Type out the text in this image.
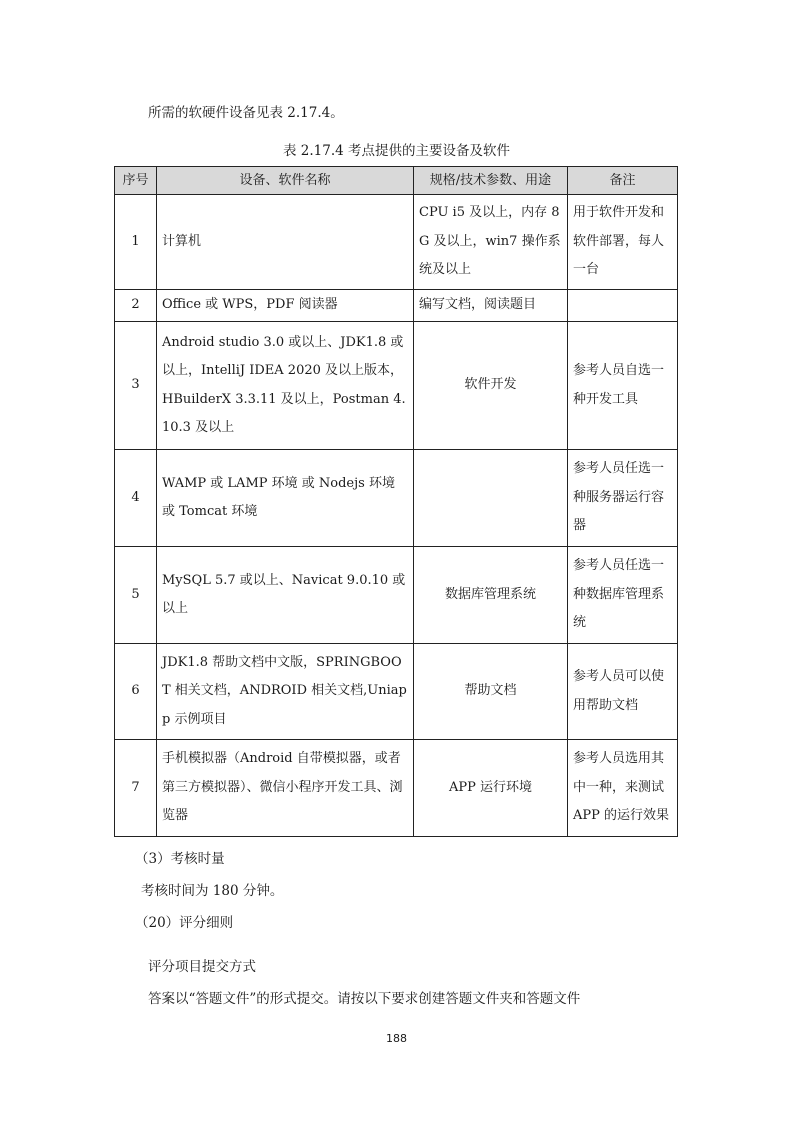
所需的软硬件设备见表 2.17.4。
表 2.17.4 考点提供的主要设备及软件
序号	设备、软件名称	规格/技术参数、用途	备注
1	计算机	CPU i5 及以上，内存 8G 及以上，win7 操作系统及以上	用于软件开发和软件部署，每人一台
2	Office 或 WPS，PDF 阅读器	编写文档，阅读题目	
3	Android studio 3.0 或以上、JDK1.8 或以上，IntelliJ IDEA 2020 及以上版本，HBuilderX 3.3.11 及以上，Postman 4.10.3 及以上	软件开发	参考人员自选一种开发工具
4	WAMP 或 LAMP 环境 或 Nodejs 环境 或 Tomcat 环境		参考人员任选一种服务器运行容器
5	MySQL 5.7 或以上、Navicat 9.0.10 或以上	数据库管理系统	参考人员任选一种数据库管理系统
6	JDK1.8 帮助文档中文版，SPRINGBOOT 相关文档，ANDROID 相关文档,Uniapp 示例项目	帮助文档	参考人员可以使用帮助文档
7	手机模拟器（Android 自带模拟器，或者第三方模拟器）、微信小程序开发工具、浏览器	APP 运行环境	参考人员选用其中一种，来测试 APP 的运行效果
（3）考核时量
考核时间为 180 分钟。
（20）评分细则
评分项目提交方式
答案以“答题文件”的形式提交。请按以下要求创建答题文件夹和答题文件
188
